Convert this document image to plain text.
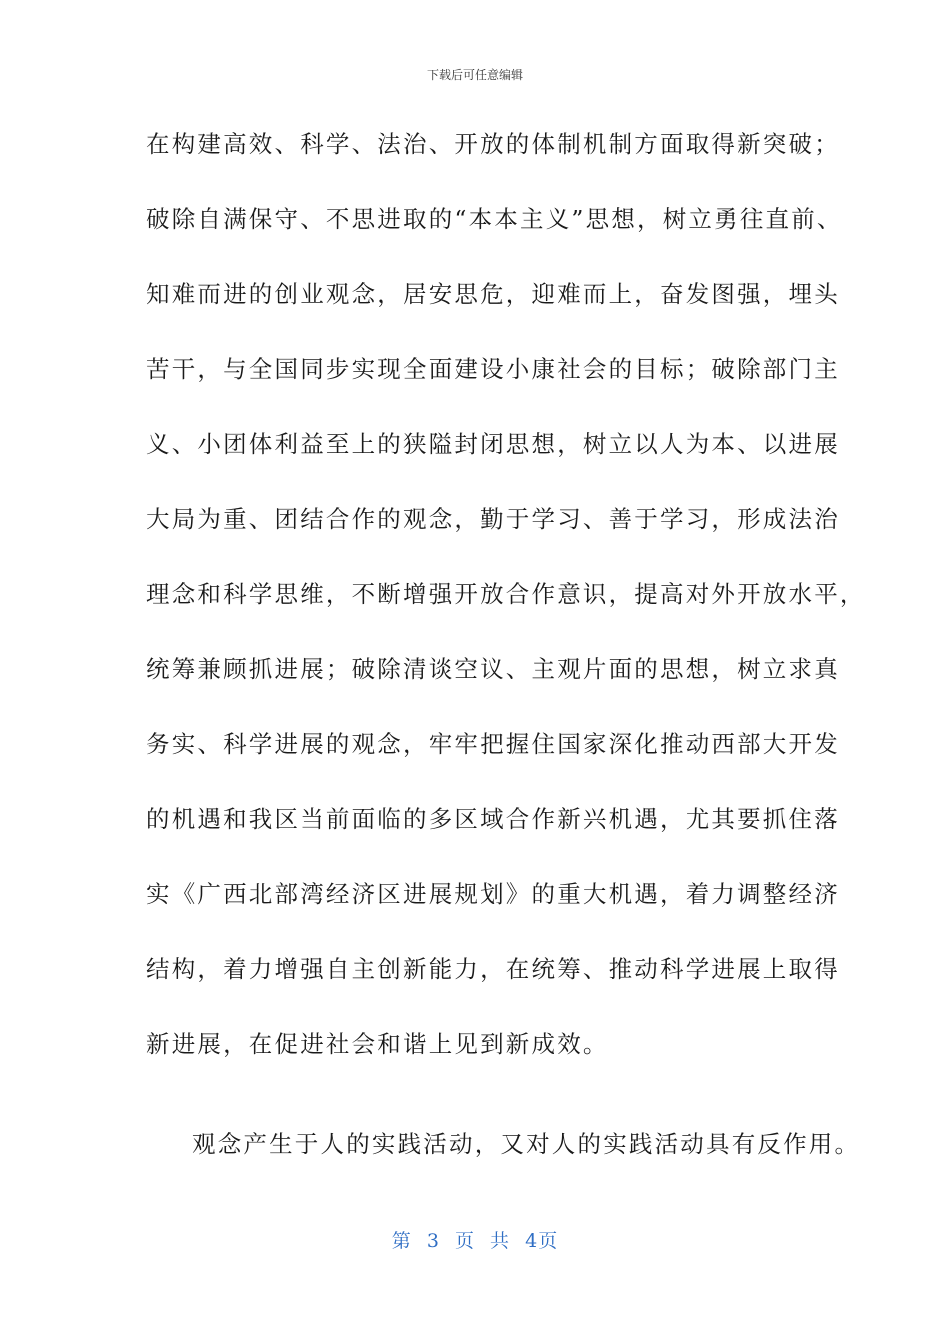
下载后可任意编辑
在构建高效、科学、法治、开放的体制机制方面取得新突破；
破除自满保守、不思进取的“本本主义”思想，树立勇往直前、
知难而进的创业观念，居安思危，迎难而上，奋发图强，埋头
苦干，与全国同步实现全面建设小康社会的目标；破除部门主
义、小团体利益至上的狭隘封闭思想，树立以人为本、以进展
大局为重、团结合作的观念，勤于学习、善于学习，形成法治
理念和科学思维，不断增强开放合作意识，提高对外开放水平，
统筹兼顾抓进展；破除清谈空议、主观片面的思想，树立求真
务实、科学进展的观念，牢牢把握住国家深化推动西部大开发
的机遇和我区当前面临的多区域合作新兴机遇，尤其要抓住落
实《广西北部湾经济区进展规划》的重大机遇，着力调整经济
结构，着力增强自主创新能力，在统筹、推动科学进展上取得
新进展，在促进社会和谐上见到新成效。
观念产生于人的实践活动，又对人的实践活动具有反作用。
第 3 页 共 4页
